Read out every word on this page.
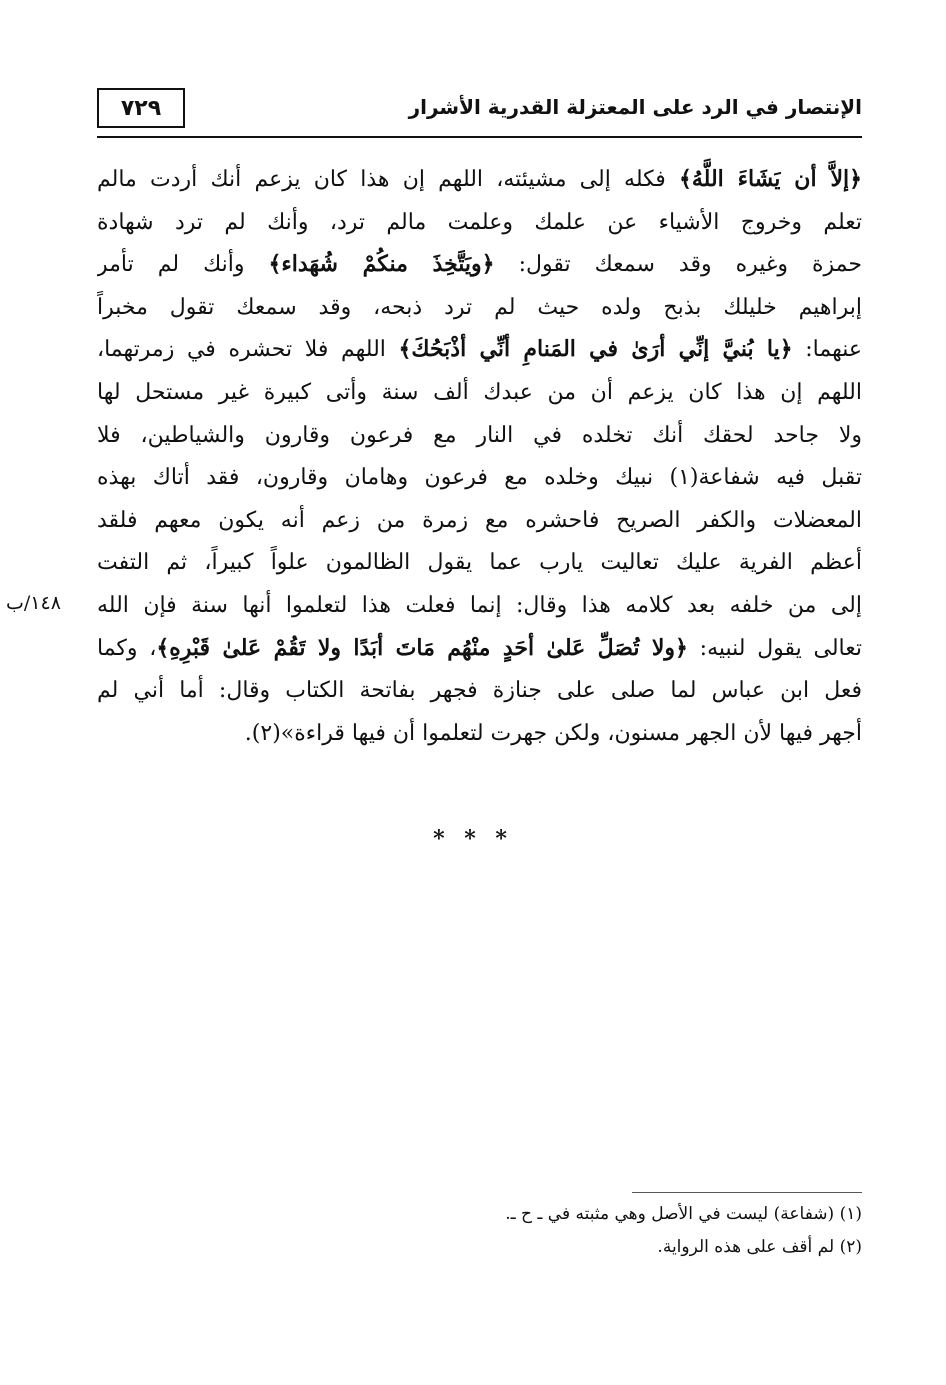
الإنتصار في الرد على المعتزلة القدرية الأشرار
٧٢٩
﴿إلاَّ أن يَشَاءَ اللَّهُ﴾ فكله إلى مشيئته، اللهم إن هذا كان يزعم أنك أردت مالم
تعلم وخروج الأشياء عن علمك وعلمت مالم ترد، وأنك لم ترد شهادة
حمزة وغيره وقد سمعك تقول: ﴿ويَتَّخِذَ منكُمْ شُهَداء﴾ وأنك لم تأمر
إبراهيم خليلك بذبح ولده حيث لم ترد ذبحه، وقد سمعك تقول مخبراً
عنهما: ﴿يا بُنيَّ إنِّي أرَىٰ في المَنامِ أنِّي أذْبَحُكَ﴾ اللهم فلا تحشره في زمرتهما،
اللهم إن هذا كان يزعم أن من عبدك ألف سنة وأتى كبيرة غير مستحل لها
ولا جاحد لحقك أنك تخلده في النار مع فرعون وقارون والشياطين، فلا
تقبل فيه شفاعة(١) نبيك وخلده مع فرعون وهامان وقارون، فقد أتاك بهذه
المعضلات والكفر الصريح فاحشره مع زمرة من زعم أنه يكون معهم فلقد
أعظم الفرية عليك تعاليت يارب عما يقول الظالمون علواً كبيراً، ثم التفت
إلى من خلفه بعد كلامه هذا وقال: إنما فعلت هذا لتعلموا أنها سنة فإن الله
تعالى يقول لنبيه: ﴿ولا تُصَلِّ عَلىٰ أحَدٍ منْهُم مَاتَ أبَدًا ولا تَقُمْ عَلىٰ قَبْرِهِ﴾، وكما
فعل ابن عباس لما صلى على جنازة فجهر بفاتحة الكتاب وقال: أما أني لم
أجهر فيها لأن الجهر مسنون، ولكن جهرت لتعلموا أن فيها قراءة»(٢).
١٤٨/ب
* * *
(١) (شفاعة) ليست في الأصل وهي مثبته في ـ ح ـ.
(٢) لم أقف على هذه الرواية.
